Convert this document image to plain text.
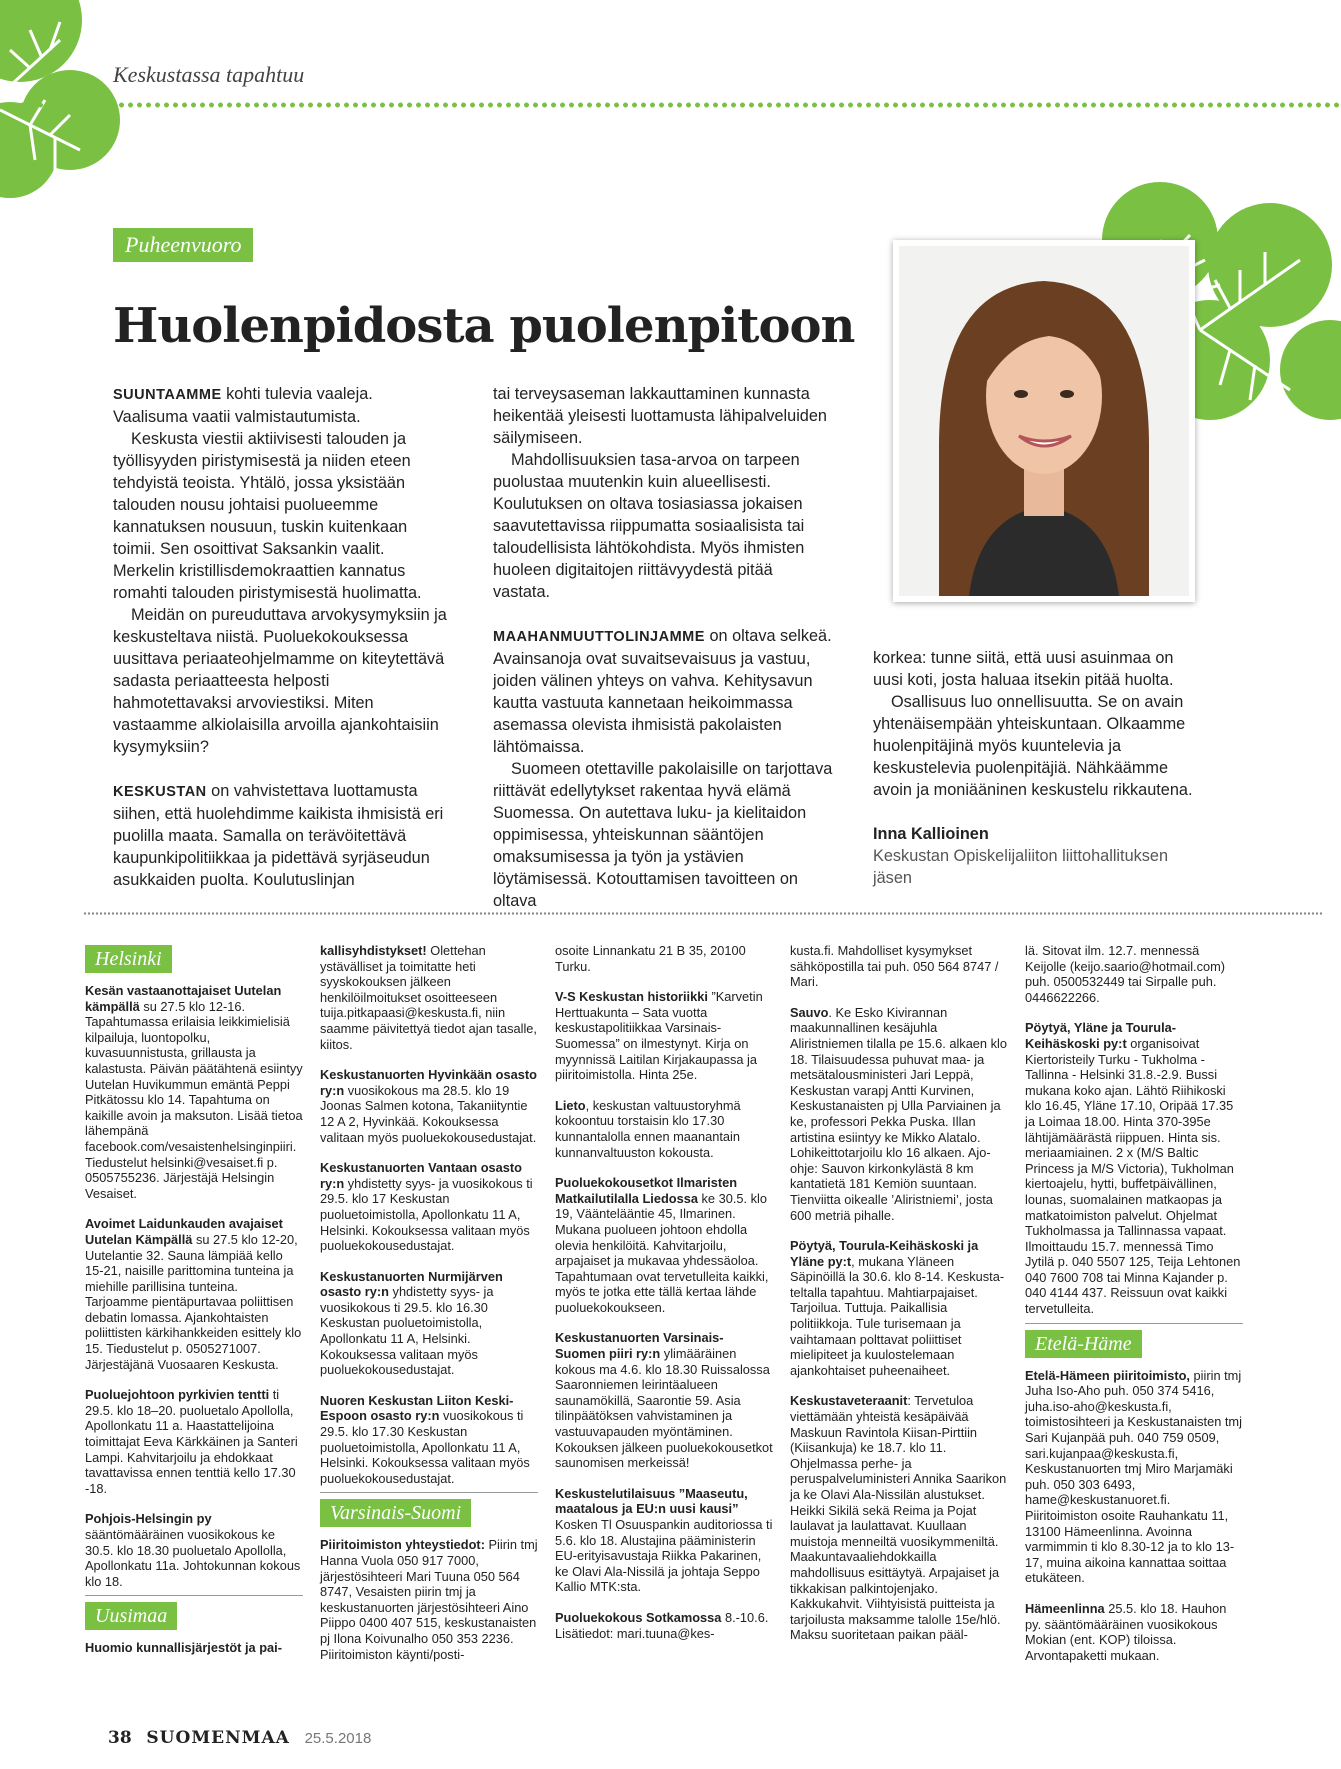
Keskustassa tapahtuu
Puheenvuoro
Huolenpidosta puolenpitoon

SUUNTAAMME kohti tulevia vaaleja. Vaalisuma vaatii valmistautumista.

Keskusta viestii aktiivisesti talouden ja työllisyyden piristymisestä ja niiden eteen tehdyistä teoista. Yhtälö, jossa yksistään talouden nousu johtaisi puolueemme kannatuksen nousuun, tuskin kuitenkaan toimii. Sen osoittivat Saksankin vaalit. Merkelin kristillisdemokraattien kannatus romahti talouden piristymisestä huolimatta.

Meidän on pureuduttava arvokysymyksiin ja keskusteltava niistä. Puoluekokouksessa uusittava periaateohjelmamme on kiteytettävä sadasta periaatteesta helposti hahmotettavaksi arvoviestiksi. Miten vastaamme alkiolaisilla arvoilla ajankohtaisiin kysymyksiin?

KESKUSTAN on vahvistettava luottamusta siihen, että huolehdimme kaikista ihmisistä eri puolilla maata. Samalla on terävöitettävä kaupunkipolitiikkaa ja pidettävä syrjäseudun asukkaiden puolta. Koulutuslinjan

tai terveysaseman lakkauttaminen kunnasta heikentää yleisesti luottamusta lähipalveluiden säilymiseen.

Mahdollisuuksien tasa-arvoa on tarpeen puolustaa muutenkin kuin alueellisesti. Koulutuksen on oltava tosiasiassa jokaisen saavutettavissa riippumatta sosiaalisista tai taloudellisista lähtökohdista. Myös ihmisten huoleen digitaitojen riittävyydestä pitää vastata.

MAAHANMUUTTOLINJAMME on oltava selkeä. Avainsanoja ovat suvaitsevaisuus ja vastuu, joiden välinen yhteys on vahva. Kehitysavun kautta vastuuta kannetaan heikoimmassa asemassa olevista ihmisistä pakolaisten lähtömaissa.

Suomeen otettaville pakolaisille on tarjottava riittävät edellytykset rakentaa hyvä elämä Suomessa. On autettava luku- ja kielitaidon oppimisessa, yhteiskunnan sääntöjen omaksumisessa ja työn ja ystävien löytämisessä. Kotouttamisen tavoitteen on oltava

korkea: tunne siitä, että uusi asuinmaa on uusi koti, josta haluaa itsekin pitää huolta.

Osallisuus luo onnellisuutta. Se on avain yhtenäisempään yhteiskuntaan. Olkaamme huolenpitäjinä myös kuuntelevia ja keskustelevia puolenpitäjiä. Nähkäämme avoin ja moniääninen keskustelu rikkautena.

Inna Kallioinen

Keskustan Opiskelijaliiton liittohallituksen jäsen

Helsinki

Kesän vastaanottajaiset Uutelan kämpällä su 27.5 klo 12-16. Tapahtumassa erilaisia leikkimielisiä kilpailuja, luontopolku, kuvasuunnistusta, grillausta ja kalastusta. Päivän päätähtenä esiintyy Uutelan Huvikummun emäntä Peppi Pitkätossu klo 14. Tapahtuma on kaikille avoin ja maksuton. Lisää tietoa lähempänä facebook.com/vesaistenhelsinginpiiri. Tiedustelut helsinki@vesaiset.fi p. 0505755236. Järjestäjä Helsingin Vesaiset.

Avoimet Laidunkauden avajaiset Uutelan Kämpällä su 27.5 klo 12-20, Uutelantie 32. Sauna lämpiää kello 15-21, naisille parittomina tunteina ja miehille parillisina tunteina. Tarjoamme pientäpurtavaa poliittisen debatin lomassa. Ajankohtaisten poliittisten kärkihankkeiden esittely klo 15. Tiedustelut p. 0505271007. Järjestäjänä Vuosaaren Keskusta.

Puoluejohtoon pyrkivien tentti ti 29.5. klo 18–20. puoluetalo Apollolla, Apollonkatu 11 a. Haastattelijoina toimittajat Eeva Kärkkäinen ja Santeri Lampi. Kahvitarjoilu ja ehdokkaat tavattavissa ennen tenttiä kello 17.30 -18.

Pohjois-Helsingin py sääntömääräinen vuosikokous ke 30.5. klo 18.30 puoluetalo Apollolla, Apollonkatu 11a. Johtokunnan kokous klo 18.

Uusimaa

Huomio kunnallisjärjestöt ja pai-

kallisyhdistykset! Olettehan ystävälliset ja toimitatte heti syyskokouksen jälkeen henkilöilmoitukset osoitteeseen tuija.pitkapaasi@keskusta.fi, niin saamme päivitettyä tiedot ajan tasalle, kiitos.

Keskustanuorten Hyvinkään osasto ry:n vuosikokous ma 28.5. klo 19 Joonas Salmen kotona, Takaniityntie 12 A 2, Hyvinkää. Kokouksessa valitaan myös puoluekokousedustajat.

Keskustanuorten Vantaan osasto ry:n yhdistetty syys- ja vuosikokous ti 29.5. klo 17 Keskustan puoluetoimistolla, Apollonkatu 11 A, Helsinki. Kokouksessa valitaan myös puoluekokousedustajat.

Keskustanuorten Nurmijärven osasto ry:n yhdistetty syys- ja vuosikokous ti 29.5. klo 16.30 Keskustan puoluetoimistolla, Apollonkatu 11 A, Helsinki. Kokouksessa valitaan myös puoluekokousedustajat.

Nuoren Keskustan Liiton Keski-Espoon osasto ry:n vuosikokous ti 29.5. klo 17.30 Keskustan puoluetoimistolla, Apollonkatu 11 A, Helsinki. Kokouksessa valitaan myös puoluekokousedustajat.

Varsinais-Suomi

Piiritoimiston yhteystiedot: Piirin tmj Hanna Vuola 050 917 7000, järjestösihteeri Mari Tuuna 050 564 8747, Vesaisten piirin tmj ja keskustanuorten järjestösihteeri Aino Piippo 0400 407 515, keskustanaisten pj Ilona Koivunalho 050 353 2236. Piiritoimiston käynti/posti-

osoite Linnankatu 21 B 35, 20100 Turku.

V-S Keskustan historiikki ”Karvetin Herttuakunta – Sata vuotta keskustapolitiikkaa Varsinais-Suomessa” on ilmestynyt. Kirja on myynnissä Laitilan Kirjakaupassa ja piiritoimistolla. Hinta 25e.

Lieto, keskustan valtuustoryhmä kokoontuu torstaisin klo 17.30 kunnantalolla ennen maanantain kunnanvaltuuston kokousta.

Puoluekokousetkot Ilmaristen Matkailutilalla Liedossa ke 30.5. klo 19, Vääntelääntie 45, Ilmarinen. Mukana puolueen johtoon ehdolla olevia henkilöitä. Kahvitarjoilu, arpajaiset ja mukavaa yhdessäoloa. Tapahtumaan ovat tervetulleita kaikki, myös te jotka ette tällä kertaa lähde puoluekokoukseen.

Keskustanuorten Varsinais-Suomen piiri ry:n ylimääräinen kokous ma 4.6. klo 18.30 Ruissalossa Saaronniemen leirintäalueen saunamökillä, Saarontie 59. Asia tilinpäätöksen vahvistaminen ja vastuuvapauden myöntäminen. Kokouksen jälkeen puoluekokousetkot saunomisen merkeissä!

Keskustelutilaisuus ”Maaseutu, maatalous ja EU:n uusi kausi” Kosken Tl Osuuspankin auditoriossa ti 5.6. klo 18. Alustajina pääministerin EU-erityisavustaja Riikka Pakarinen, ke Olavi Ala-Nissilä ja johtaja Seppo Kallio MTK:sta.

Puoluekokous Sotkamossa 8.-10.6. Lisätiedot: mari.tuuna@kes-

kusta.fi. Mahdolliset kysymykset sähköpostilla tai puh. 050 564 8747 / Mari.

Sauvo. Ke Esko Kivirannan maakunnallinen kesäjuhla Aliristniemen tilalla pe 15.6. alkaen klo 18. Tilaisuudessa puhuvat maa- ja metsätalousministeri Jari Leppä, Keskustan varapj Antti Kurvinen, Keskustanaisten pj Ulla Parviainen ja ke, professori Pekka Puska. Illan artistina esiintyy ke Mikko Alatalo. Lohikeittotarjoilu klo 16 alkaen. Ajo-ohje: Sauvon kirkonkylästä 8 km kantatietä 181 Kemiön suuntaan. Tienviitta oikealle ’Aliristniemi’, josta 600 metriä pihalle.

Pöytyä, Tourula-Keihäskoski ja Yläne py:t, mukana Yläneen Säpinöillä la 30.6. klo 8-14. Keskusta-teltalla tapahtuu. Mahtiarpajaiset. Tarjoilua. Tuttuja. Paikallisia politiikkoja. Tule turisemaan ja vaihtamaan polttavat poliittiset mielipiteet ja kuulostelemaan ajankohtaiset puheenaiheet.

Keskustaveteraanit: Tervetuloa viettämään yhteistä kesäpäivää Maskuun Ravintola Kiisan-Pirttiin (Kiisankuja) ke 18.7. klo 11. Ohjelmassa perhe- ja peruspalveluministeri Annika Saarikon ja ke Olavi Ala-Nissilän alustukset. Heikki Sikilä sekä Reima ja Pojat laulavat ja laulattavat. Kuullaan muistoja menneiltä vuosikymmeniltä. Maakuntavaaliehdokkailla mahdollisuus esittäytyä. Arpajaiset ja tikkakisan palkintojenjako. Kakkukahvit. Viihtyisistä puitteista ja tarjoilusta maksamme talolle 15e/hlö. Maksu suoritetaan paikan pääl-

lä. Sitovat ilm. 12.7. mennessä Keijolle (keijo.saario@hotmail.com) puh. 0500532449 tai Sirpalle puh. 0446622266.

Pöytyä, Yläne ja Tourula-Keihäskoski py:t organisoivat Kiertoristeily Turku - Tukholma - Tallinna - Helsinki 31.8.-2.9. Bussi mukana koko ajan. Lähtö Riihikoski klo 16.45, Yläne 17.10, Oripää 17.35 ja Loimaa 18.00. Hinta 370-395e lähtijämäärästä riippuen. Hinta sis. meriaamiainen. 2 x (M/S Baltic Princess ja M/S Victoria), Tukholman kiertoajelu, hytti, buffetpäivällinen, lounas, suomalainen matkaopas ja matkatoimiston palvelut. Ohjelmat Tukholmassa ja Tallinnassa vapaat. Ilmoittaudu 15.7. mennessä Timo Jytilä p. 040 5507 125, Teija Lehtonen 040 7600 708 tai Minna Kajander p. 040 4144 437. Reissuun ovat kaikki tervetulleita.

Etelä-Häme

Etelä-Hämeen piiritoimisto, piirin tmj Juha Iso-Aho puh. 050 374 5416, juha.iso-aho@keskusta.fi, toimistosihteeri ja Keskustanaisten tmj Sari Kujanpää puh. 040 759 0509, sari.kujanpaa@keskusta.fi, Keskustanuorten tmj Miro Marjamäki puh. 050 303 6493, hame@keskustanuoret.fi. Piiritoimiston osoite Rauhankatu 11, 13100 Hämeenlinna. Avoinna varmimmin ti klo 8.30-12 ja to klo 13-17, muina aikoina kannattaa soittaa etukäteen.

Hämeenlinna 25.5. klo 18. Hauhon py. sääntömääräinen vuosikokous Mokian (ent. KOP) tiloissa. Arvontapaketti mukaan.

38 SUOMENMAA 25.5.2018
